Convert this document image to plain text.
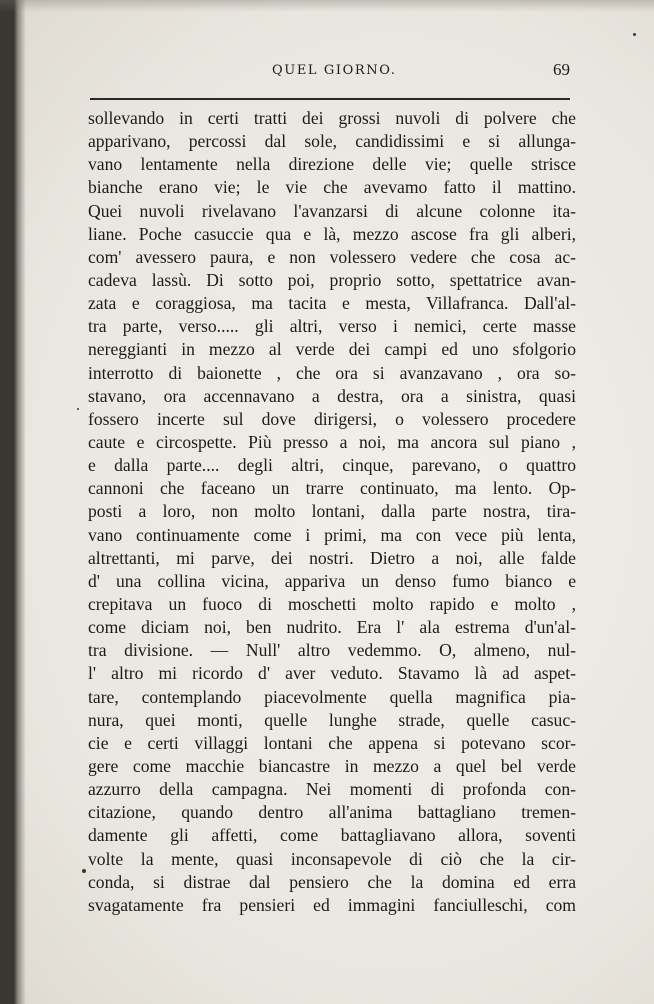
QUEL GIORNO.	69
sollevando in certi tratti dei grossi nuvoli di polvere che
apparivano, percossi dal sole, candidissimi e si allunga-
vano lentamente nella direzione delle vie; quelle strisce
bianche erano vie; le vie che avevamo fatto il mattino.
Quei nuvoli rivelavano l'avanzarsi di alcune colonne ita-
liane. Poche casuccie qua e là, mezzo ascose fra gli alberi,
com' avessero paura, e non volessero vedere che cosa ac-
cadeva lassù. Di sotto poi, proprio sotto, spettatrice avan-
zata e coraggiosa, ma tacita e mesta, Villafranca. Dall'al-
tra parte, verso..... gli altri, verso i nemici, certe masse
nereggianti in mezzo al verde dei campi ed uno sfolgorio
interrotto di baionette , che ora si avanzavano , ora so-
stavano, ora accennavano a destra, ora a sinistra, quasi
fossero incerte sul dove dirigersi, o volessero procedere
caute e circospette. Più presso a noi, ma ancora sul piano ,
e dalla parte.... degli altri, cinque, parevano, o quattro
cannoni che faceano un trarre continuato, ma lento. Op-
posti a loro, non molto lontani, dalla parte nostra, tira-
vano continuamente come i primi, ma con vece più lenta,
altrettanti, mi parve, dei nostri. Dietro a noi, alle falde
d' una collina vicina, appariva un denso fumo bianco e
crepitava un fuoco di moschetti molto rapido e molto ,
come diciam noi, ben nudrito. Era l' ala estrema d'un'al-
tra divisione. — Null' altro vedemmo. O, almeno, nul-
l' altro mi ricordo d' aver veduto. Stavamo là ad aspet-
tare, contemplando piacevolmente quella magnifica pia-
nura, quei monti, quelle lunghe strade, quelle casuc-
cie e certi villaggi lontani che appena si potevano scor-
gere come macchie biancastre in mezzo a quel bel verde
azzurro della campagna. Nei momenti di profonda con-
citazione, quando dentro all'anima battagliano tremen-
damente gli affetti, come battagliavano allora, soventi
volte la mente, quasi inconsapevole di ciò che la cir-
conda, si distrae dal pensiero che la domina ed erra
svagatamente fra pensieri ed immagini fanciulleschi, com
